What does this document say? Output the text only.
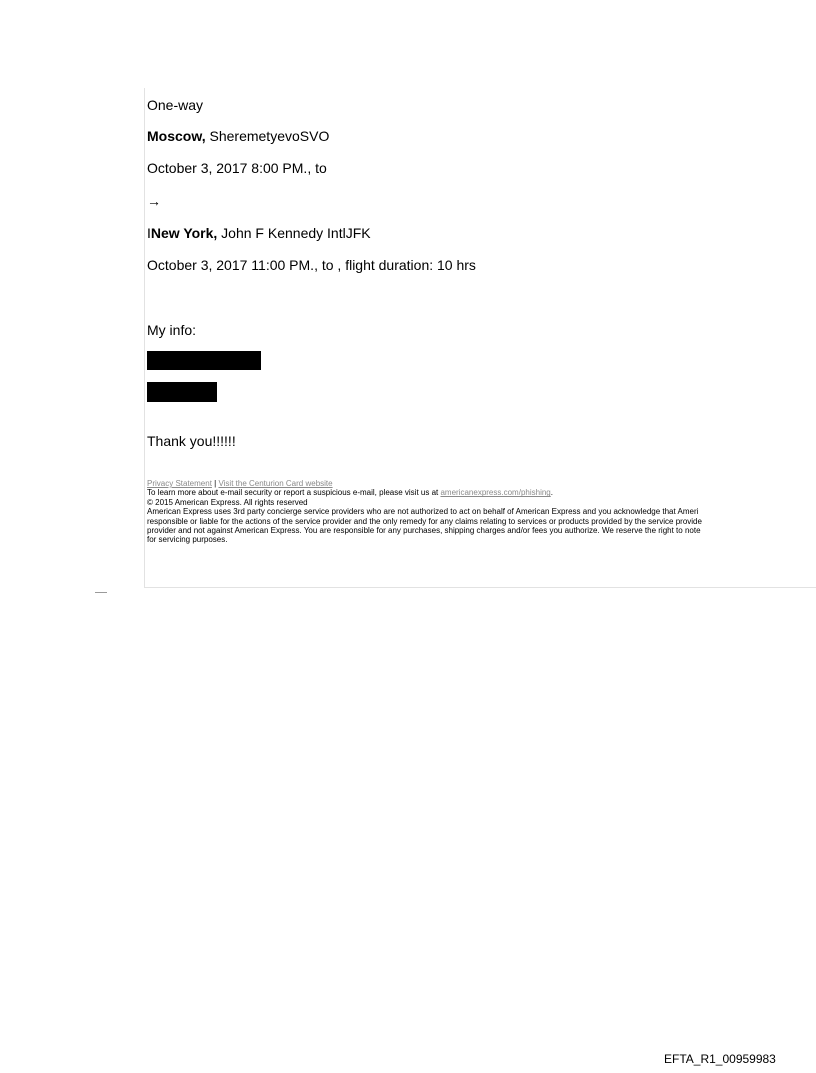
One-way
Moscow, SheremetyevoSVO
October 3, 2017 8:00 PM., to
→
INew York, John F Kennedy IntlJFK
October 3, 2017 11:00 PM., to , flight duration: 10 hrs
My info:
Thank you!!!!!!
Privacy Statement | Visit the Centurion Card website
To learn more about e-mail security or report a suspicious e-mail, please visit us at americanexpress.com/phishing.
© 2015 American Express. All rights reserved
American Express uses 3rd party concierge service providers who are not authorized to act on behalf of American Express and you acknowledge that Ameri
responsible or liable for the actions of the service provider and the only remedy for any claims relating to services or products provided by the service provide
provider and not against American Express. You are responsible for any purchases, shipping charges and/or fees you authorize. We reserve the right to note
for servicing purposes.
EFTA_R1_00959983
